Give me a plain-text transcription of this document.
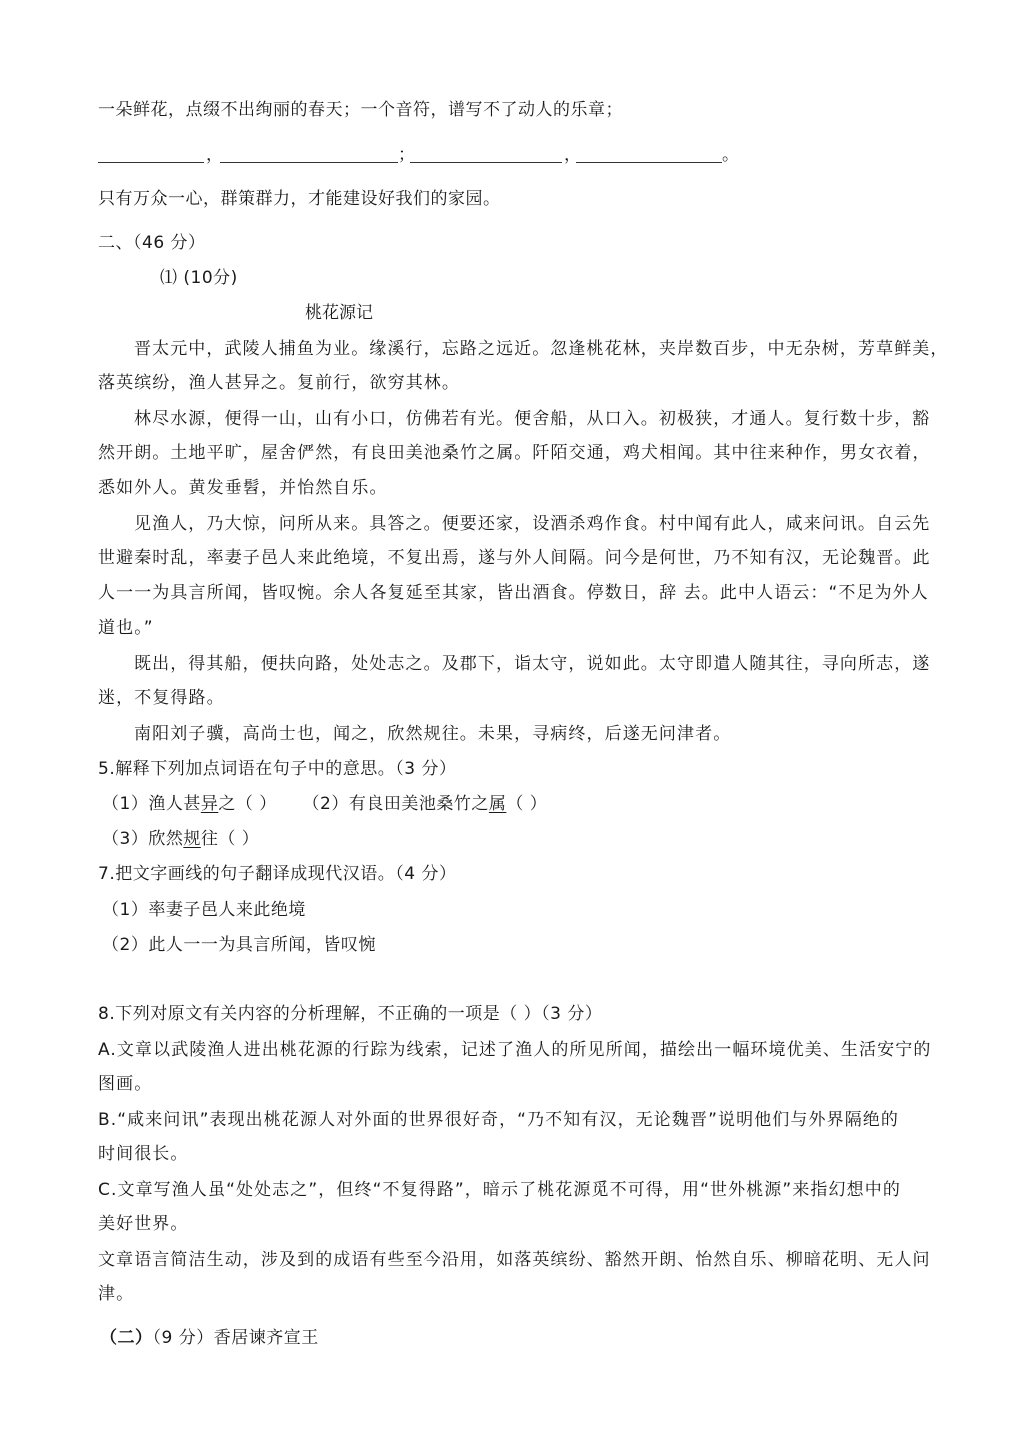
一朵鲜花，点缀不出绚丽的春天；一个音符，谱写不了动人的乐章；
，	；	，	。
只有万众一心，群策群力，才能建设好我们的家园。
二、（46 分）
⑴ (10分)
桃花源记
晋太元中，武陵人捕鱼为业。缘溪行，忘路之远近。忽逢桃花林，夹岸数百步，中无杂树，芳草鲜美，
落英缤纷，渔人甚异之。复前行，欲穷其林。
林尽水源，便得一山，山有小口，仿佛若有光。便舍船，从口入。初极狭，才通人。复行数十步，豁
然开朗。土地平旷，屋舍俨然，有良田美池桑竹之属。阡陌交通，鸡犬相闻。其中往来种作，男女衣着，
悉如外人。黄发垂髫，并怡然自乐。
见渔人，乃大惊，问所从来。具答之。便要还家，设酒杀鸡作食。村中闻有此人，咸来问讯。自云先
世避秦时乱，率妻子邑人来此绝境，不复出焉，遂与外人间隔。问今是何世，乃不知有汉，无论魏晋。此
人一一为具言所闻，皆叹惋。余人各复延至其家，皆出酒食。停数日，辞 去。此中人语云：“不足为外人
道也。”
既出，得其船，便扶向路，处处志之。及郡下，诣太守，说如此。太守即遣人随其往，寻向所志，遂
迷，不复得路。
南阳刘子骥，高尚士也，闻之，欣然规往。未果，寻病终，后遂无问津者。
5.解释下列加点词语在句子中的意思。（3 分）
（1）渔人甚异之（ ） （2）有良田美池桑竹之属（ ）
（3）欣然规往（ ）
7.把文字画线的句子翻译成现代汉语。（4 分）
（1）率妻子邑人来此绝境
（2）此人一一为具言所闻，皆叹惋
8.下列对原文有关内容的分析理解，不正确的一项是（ ）（3 分）
A.文章以武陵渔人进出桃花源的行踪为线索，记述了渔人的所见所闻，描绘出一幅环境优美、生活安宁的
图画。
B.“咸来问讯”表现出桃花源人对外面的世界很好奇，“乃不知有汉，无论魏晋”说明他们与外界隔绝的
时间很长。
C.文章写渔人虽“处处志之”，但终“不复得路”，暗示了桃花源觅不可得，用“世外桃源”来指幻想中的
美好世界。
文章语言简洁生动，涉及到的成语有些至今沿用，如落英缤纷、豁然开朗、怡然自乐、柳暗花明、无人问
津。
（二）（9 分）香居谏齐宣王
